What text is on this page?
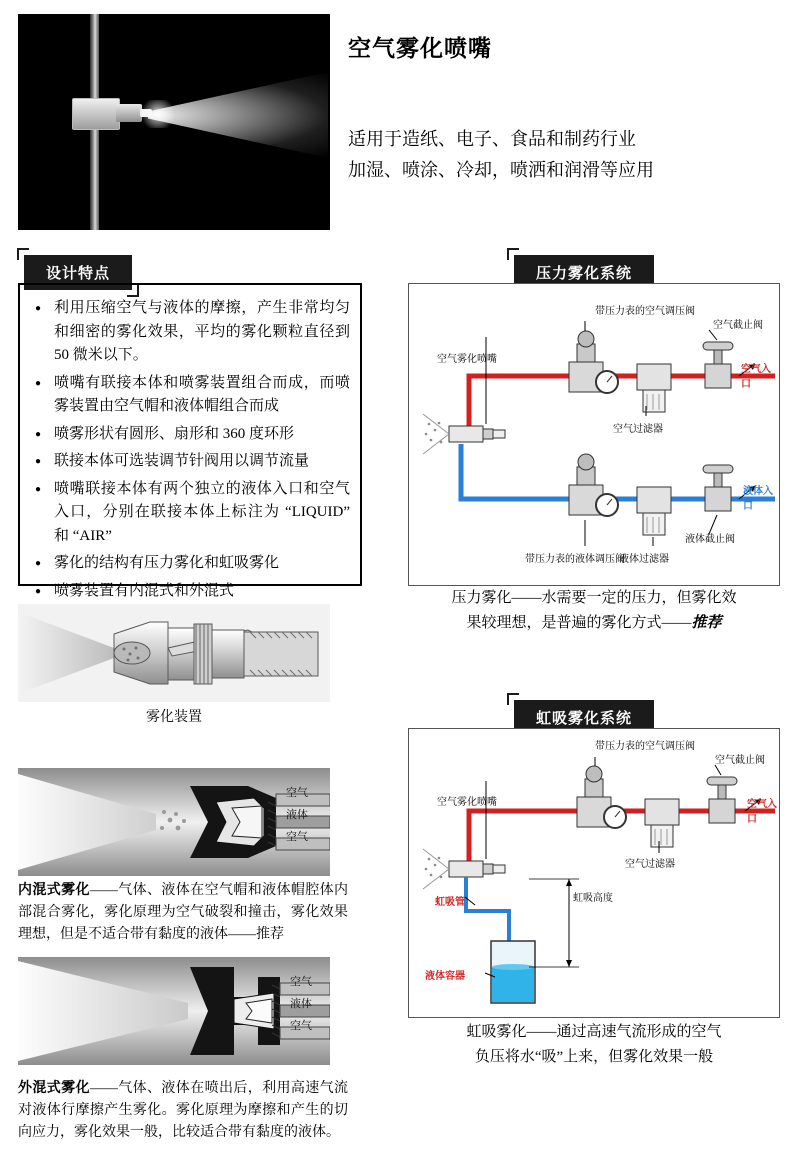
空气雾化喷嘴
适用于造纸、电子、食品和制药行业
加湿、喷涂、冷却，喷洒和润滑等应用
设计特点
● 利用压缩空气与液体的摩擦，产生非常均匀和细密的雾化效果，平均的雾化颗粒直径到 50 微米以下。
● 喷嘴有联接本体和喷雾装置组合而成，而喷雾装置由空气帽和液体帽组合而成
● 喷雾形状有圆形、扇形和 360 度环形
● 联接本体可选装调节针阀用以调节流量
● 喷嘴联接本体有两个独立的液体入口和空气入口，分别在联接本体上标注为 “LIQUID” 和 “AIR”
● 雾化的结构有压力雾化和虹吸雾化
● 喷雾装置有内混式和外混式
压力雾化系统
带压力表的空气调压阀
空气雾化喷嘴
空气截止阀
空气入口
空气过滤器
带压力表的液体调压阀
液体入口
液体截止阀
液体过滤器
压力雾化——水需要一定的压力，但雾化效
果较理想，是普遍的雾化方式——推荐
雾化装置
空气
液体
空气
内混式雾化——气体、液体在空气帽和液体帽腔体内部混合雾化，雾化原理为空气破裂和撞击，雾化效果理想，但是不适合带有黏度的液体——推荐
空气
液体
空气
外混式雾化——气体、液体在喷出后，利用高速气流对液体行摩擦产生雾化。雾化原理为摩擦和产生的切向应力，雾化效果一般，比较适合带有黏度的液体。
虹吸雾化系统
带压力表的空气调压阀
空气雾化喷嘴
空气截止阀
空气入口
空气过滤器
虹吸管	虹吸高度
液体容器
虹吸雾化——通过高速气流形成的空气
负压将水“吸”上来，但雾化效果一般
